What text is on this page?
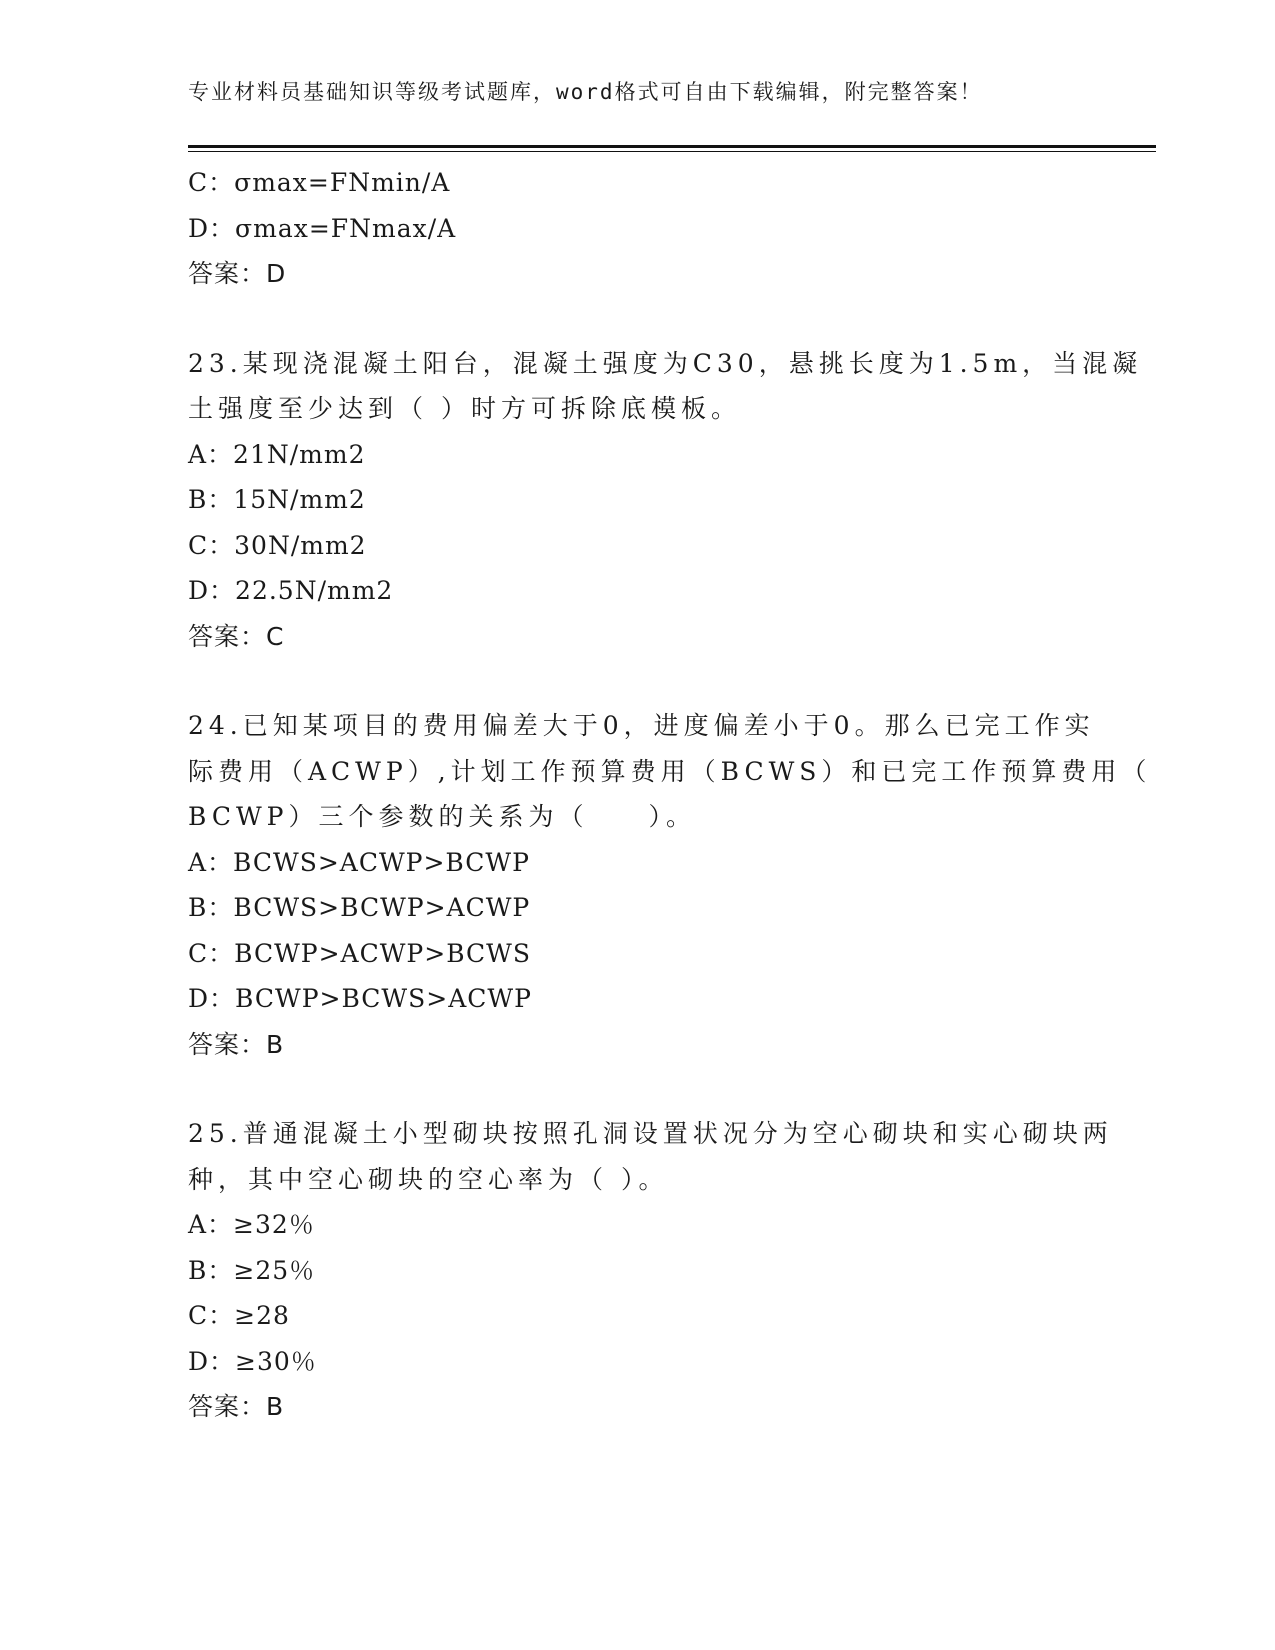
专业材料员基础知识等级考试题库，word格式可自由下载编辑，附完整答案！
C：σmax=FNmin/A
D：σmax=FNmax/A
答案：D
23.某现浇混凝土阳台，混凝土强度为C30，悬挑长度为1.5m，当混凝
土强度至少达到（ ）时方可拆除底模板。
A：21N/mm2
B：15N/mm2
C：30N/mm2
D：22.5N/mm2
答案：C
24.已知某项目的费用偏差大于0，进度偏差小于0。那么已完工作实
际费用（ACWP）,计划工作预算费用（BCWS）和已完工作预算费用（
BCWP）三个参数的关系为（　　）。
A：BCWS>ACWP>BCWP
B：BCWS>BCWP>ACWP
C：BCWP>ACWP>BCWS
D：BCWP>BCWS>ACWP
答案：B
25.普通混凝土小型砌块按照孔洞设置状况分为空心砌块和实心砌块两
种，其中空心砌块的空心率为（ ）。
A：≥32％
B：≥25％
C：≥28
D：≥30％
答案：B
